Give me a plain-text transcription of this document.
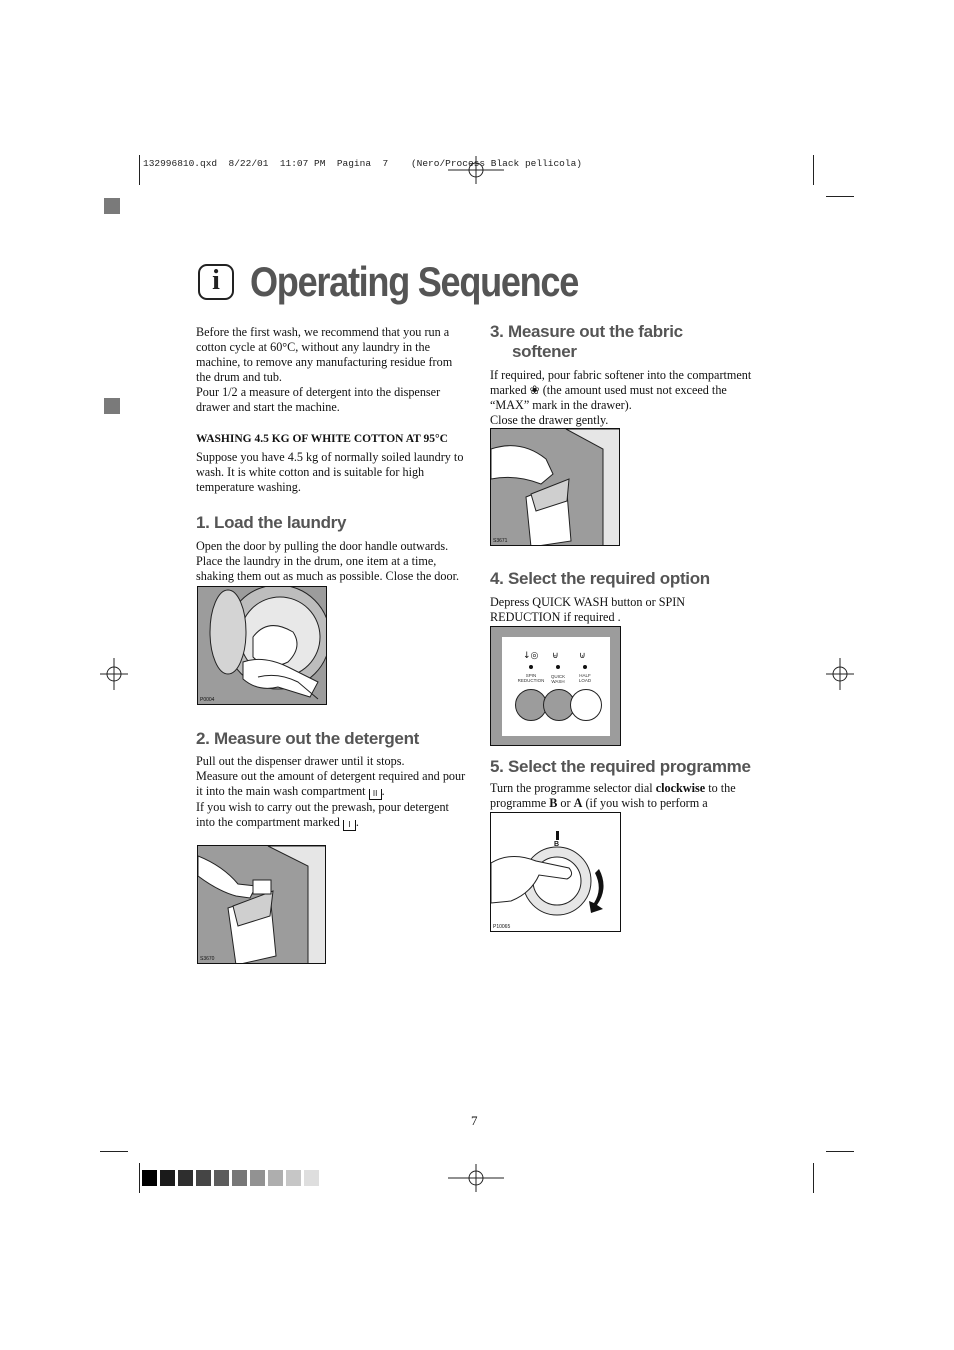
132996810.qxd  8/22/01  11:07 PM  Pagina  7    (Nero/Process Black pellicola)
i Operating Sequence
Before the first wash, we recommend that you run a cotton cycle at 60°C, without any laundry in the machine, to remove any manufacturing residue from the drum and tub.
Pour 1/2 a measure of detergent into the dispenser drawer and start the machine.
WASHING 4.5 KG OF WHITE COTTON AT 95°C
Suppose you have 4.5 kg of normally soiled laundry to wash. It is white cotton and is suitable for high temperature washing.
1. Load the laundry
Open the door by pulling the door handle outwards. Place the laundry in the drum, one item at a time, shaking them out as much as possible. Close the door.
P0004
2. Measure out the detergent
Pull out the dispenser drawer until it stops.
Measure out the amount of detergent required and pour it into the main wash compartment II .
If you wish to carry out the prewash, pour detergent into the compartment marked I .
S3670
3. Measure out the fabric
softener
If required, pour fabric softener into the compartment marked ❀ (the amount used must not exceed the “MAX” mark in the drawer).
Close the drawer gently.
S3671
4. Select the required option
Depress QUICK WASH button or SPIN REDUCTION if required .
↓◎ ⊌ ⊍
SPIN
REDUCTION
QUICK
WASH
HALF
LOAD
5. Select the required programme
Turn the programme selector dial clockwise to the programme B or A (if you wish to perform a
B
P10065
7
